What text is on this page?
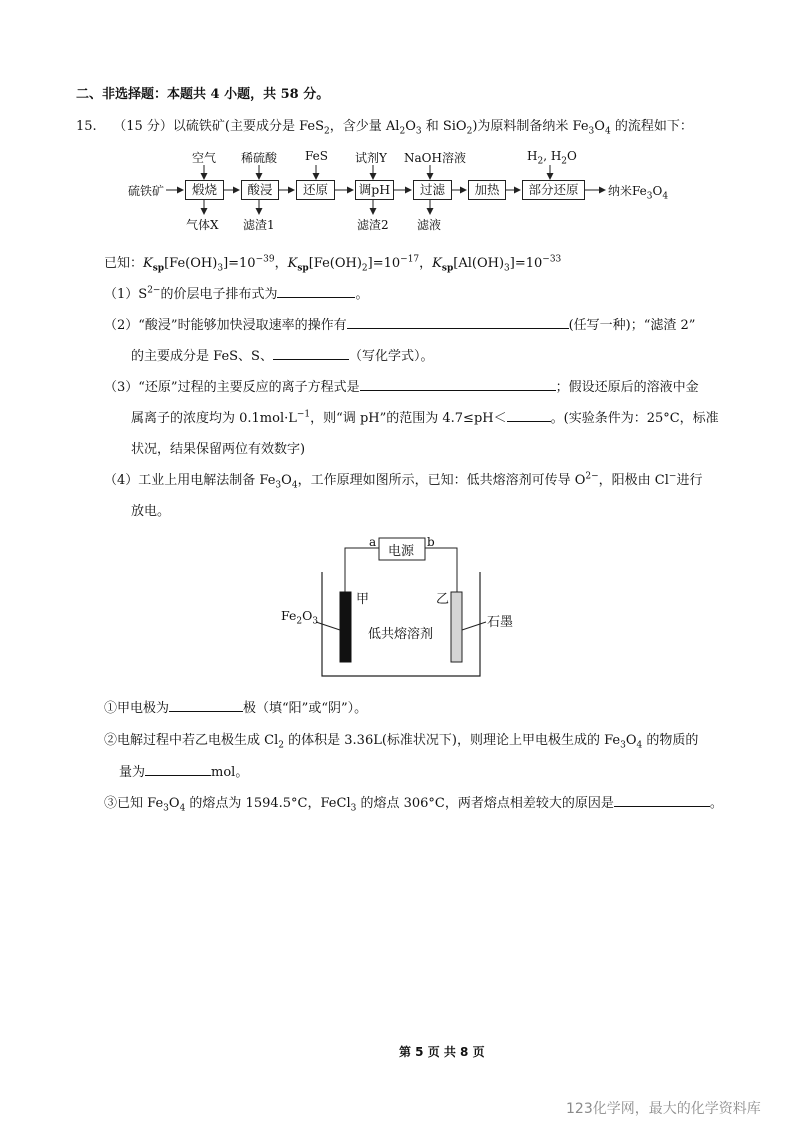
二、非选择题：本题共 4 小题，共 58 分。
15. （15 分）以硫铁矿(主要成分是 FeS$_2$，含少量 $Al_2O_3$ 和 SiO$_2$)为原料制备纳米 $Fe_3O_4$ 的流程如下：
硫铁矿	煅烧	酸浸	还原	调pH	过滤	加热	部分还原	纳米$Fe_3O_4$
空气 稀硫酸 FeS 试剂Y NaOH溶液	$H_2$, $H_2O$
气体X 滤渣1	滤渣2 滤液
已知：$K_{sp}[Fe(OH)_3]=10^{-39}$，$K_{sp}[Fe(OH)_2]=10^{-17}$，$K_{sp}[Al(OH)_3]=10^{-33}$
$(1)S^{2-}$的价层电子排布式为	。
（2）“酸浸”时能够加快浸取速率的操作有	(任写一种)；“滤渣 2”
的主要成分是 FeS、S、	（写化学式）。
（3）“还原”过程的主要反应的离子方程式是	；假设还原后的溶液中金
属离子的浓度均为 $0.1mol\cdot L^{-1}$，则“调 pH”的范围为 4.7≤pH＜	。(实验条件为：25°C，标准
状况，结果保留两位有效数字)
（4）工业上用电解法制备 $Fe_3O_4$，工作原理如图所示，已知：低共熔溶剂可传导 $O^{2-}$，阳极由 Cl−进行
放电。
电源
a	b
甲	乙
$Fe_2O_3$	石墨
低共熔溶剂
①甲电极为	极（填“阳”或“阴”）。
②电解过程中若乙电极生成 $Cl_2$ 的体积是 3.36L(标准状况下)，则理论上甲电极生成的 $Fe_3O_4$ 的物质的
量为	mol。
③已知 $Fe_3O_4$ 的熔点为 1594.5°C，FeCl$_3$ 的熔点 306°C，两者熔点相差较大的原因是	。
第 5 页 共 8 页
123化学网，最大的化学资料库
